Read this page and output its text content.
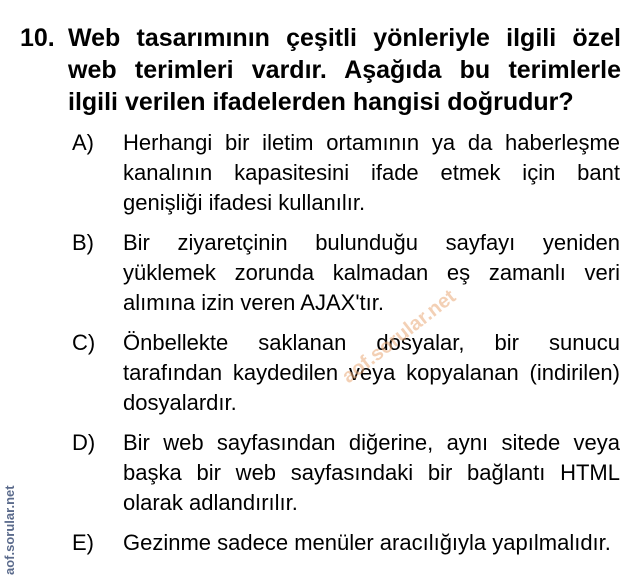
10. Web tasarımının çeşitli yönleriyle ilgili özel web terimleri vardır. Aşağıda bu terimlerle ilgili verilen ifadelerden hangisi doğrudur?
A) Herhangi bir iletim ortamının ya da haberleşme kanalının kapasitesini ifade etmek için bant genişliği ifadesi kullanılır.
B) Bir ziyaretçinin bulunduğu sayfayı yeniden yüklemek zorunda kalmadan eş zamanlı veri alımına izin veren AJAX'tır.
C) Önbellekte saklanan dosyalar, bir sunucu tarafından kaydedilen veya kopyalanan (indirilen) dosyalardır.
D) Bir web sayfasından diğerine, aynı sitede veya başka bir web sayfasındaki bir bağlantı HTML olarak adlandırılır.
E) Gezinme sadece menüler aracılığıyla yapılmalıdır.
aof.sorular.net
aof.sorular.net
